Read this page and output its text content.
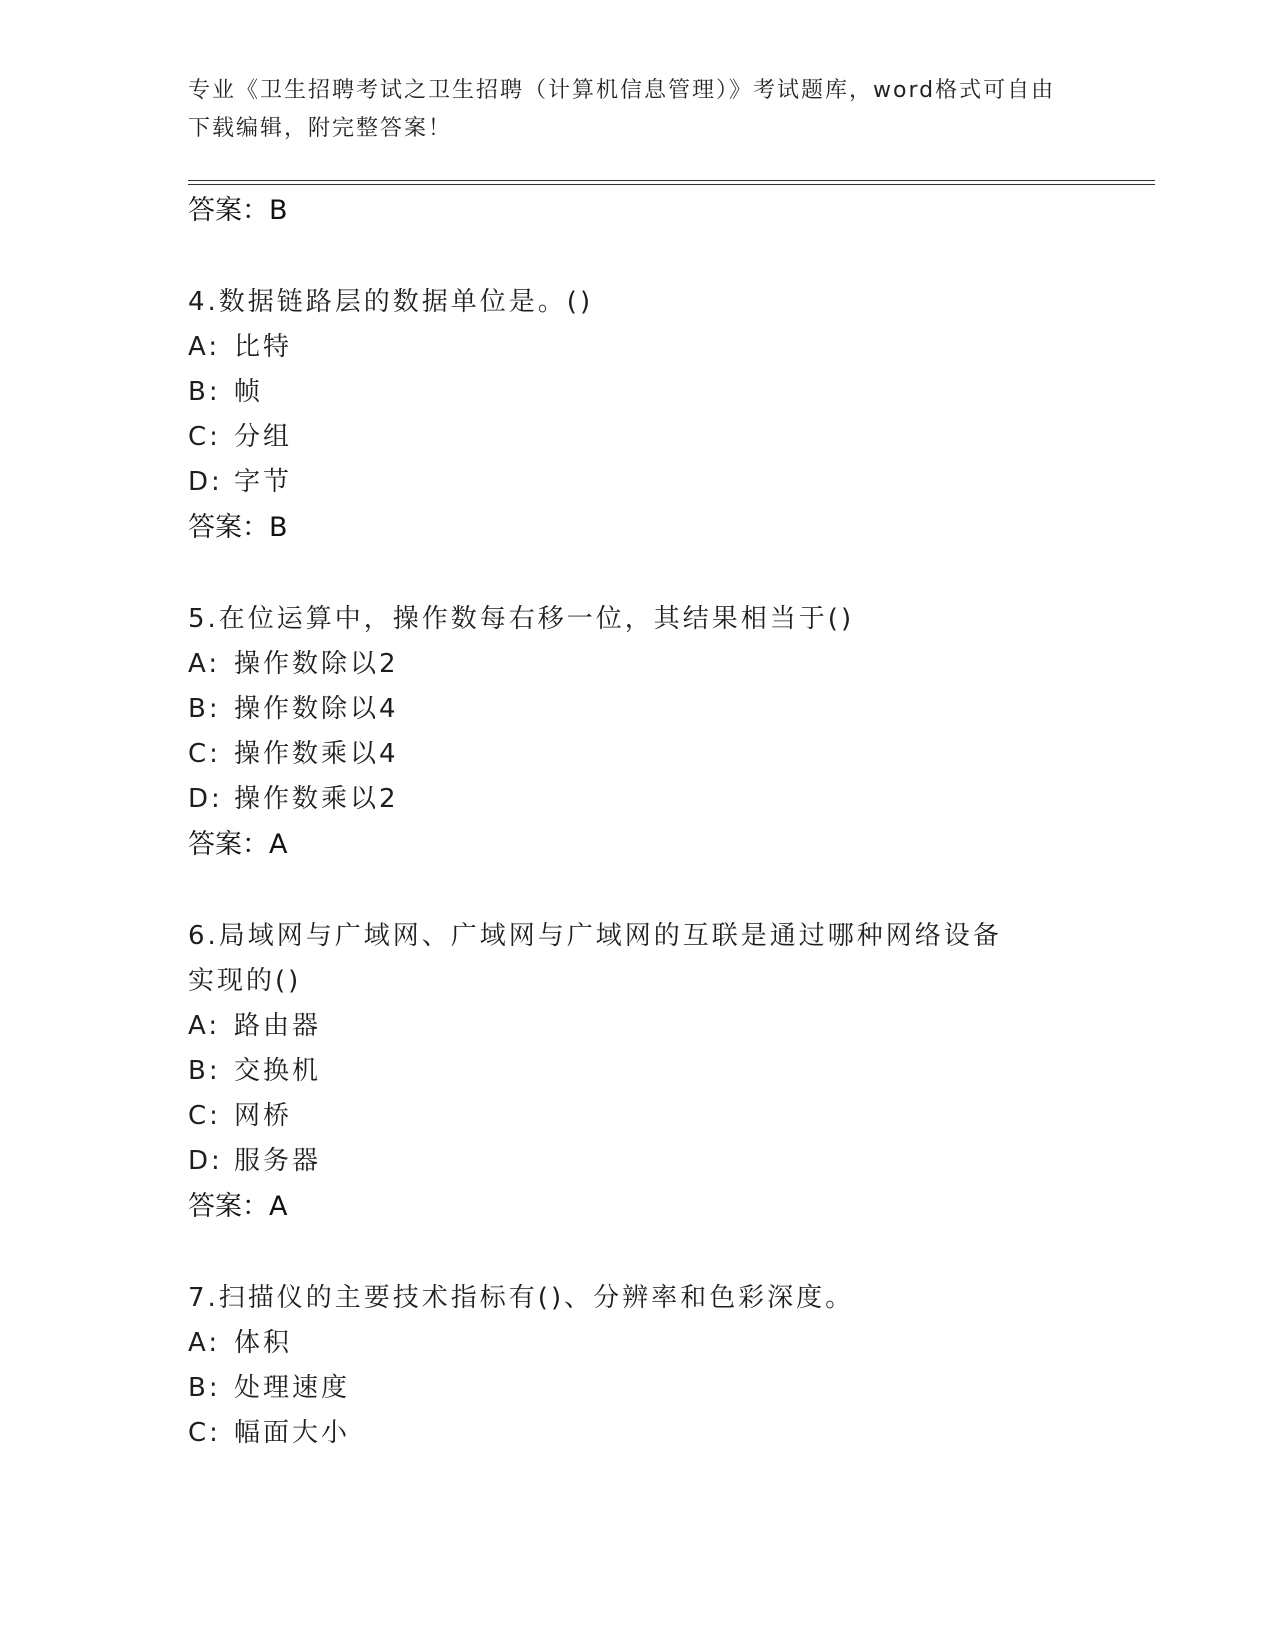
专业《卫生招聘考试之卫生招聘（计算机信息管理）》考试题库，word格式可自由下载编辑，附完整答案！
答案：B
4.数据链路层的数据单位是。()
A: 比特
B: 帧
C: 分组
D: 字节
答案：B
5.在位运算中，操作数每右移一位，其结果相当于()
A: 操作数除以2
B: 操作数除以4
C: 操作数乘以4
D: 操作数乘以2
答案：A
6.局域网与广域网、广域网与广域网的互联是通过哪种网络设备实现的()
A: 路由器
B: 交换机
C: 网桥
D: 服务器
答案：A
7.扫描仪的主要技术指标有()、分辨率和色彩深度。
A: 体积
B: 处理速度
C: 幅面大小
